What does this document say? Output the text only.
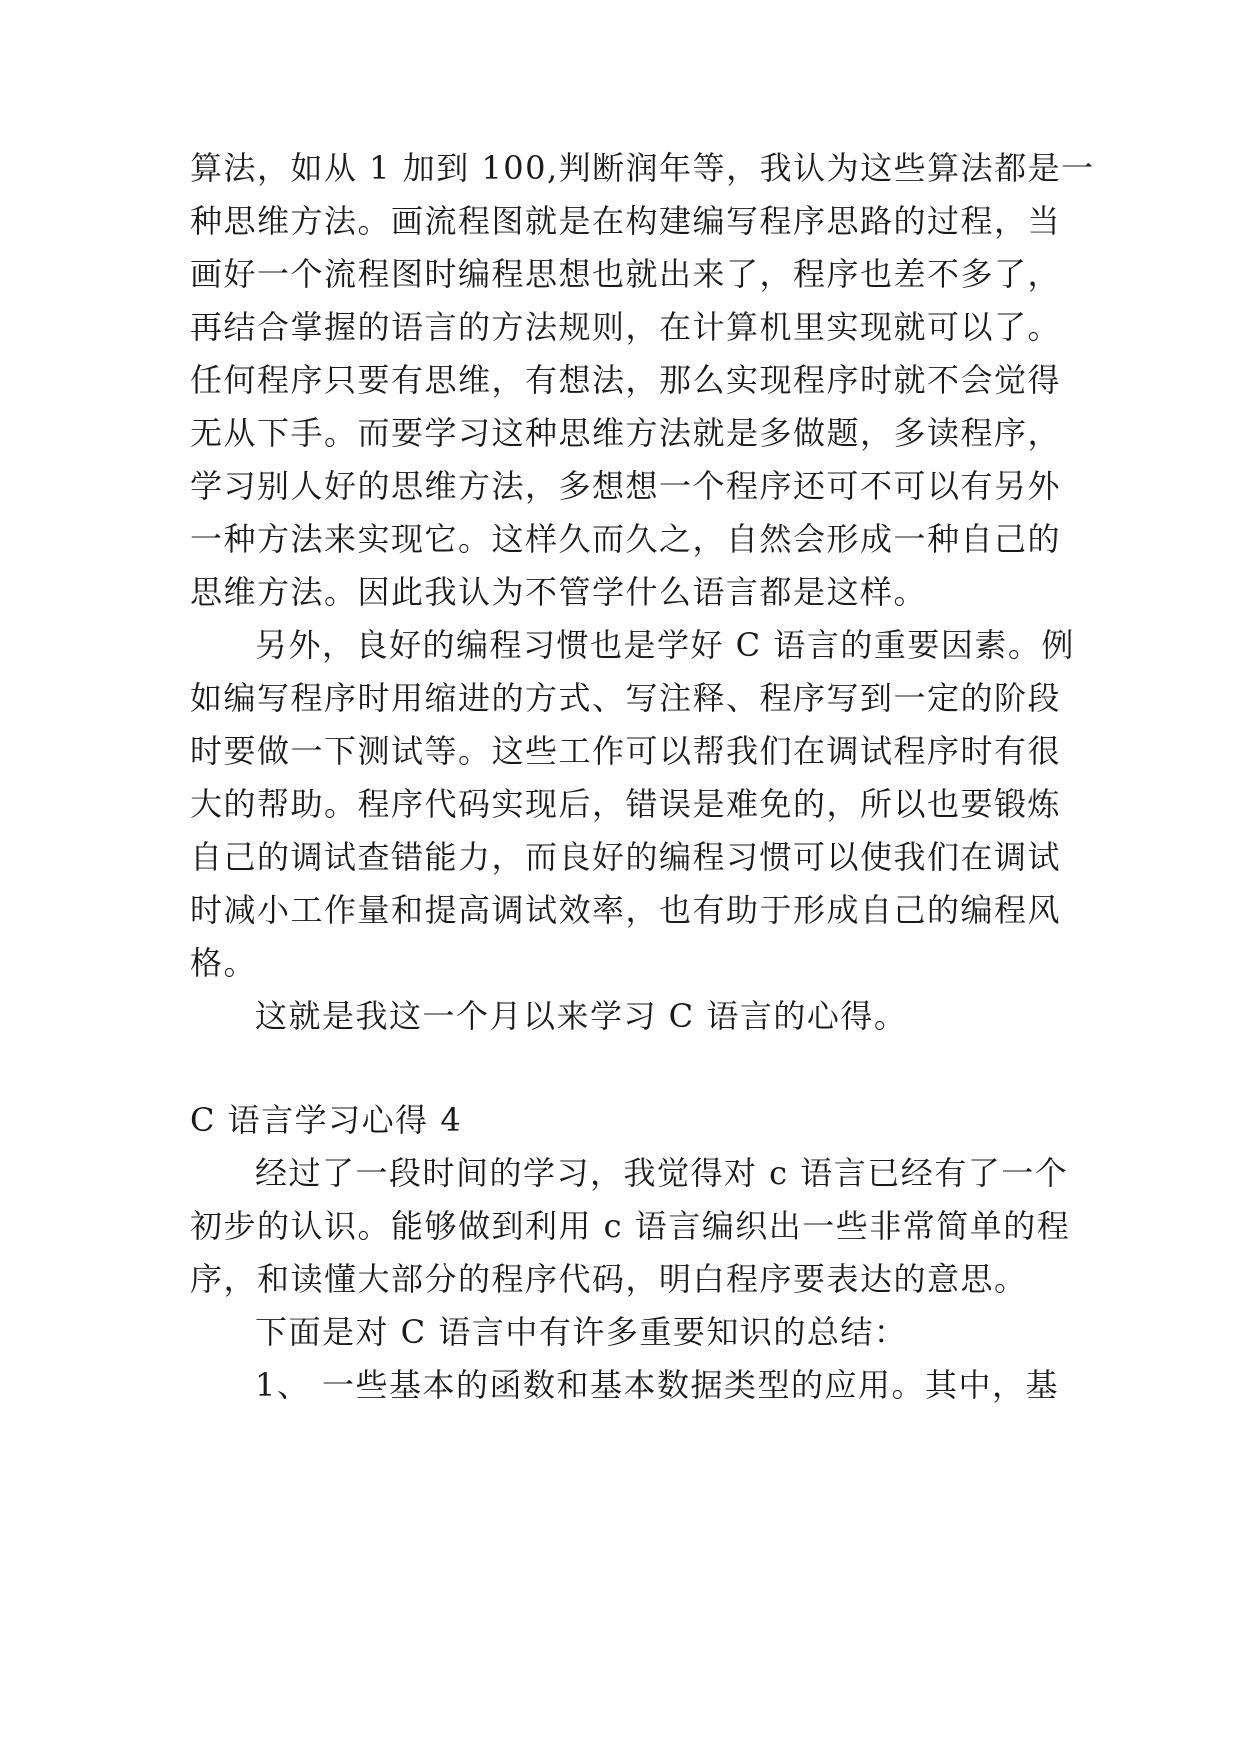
算法，如从 1 加到 100,判断润年等，我认为这些算法都是一
种思维方法。画流程图就是在构建编写程序思路的过程，当
画好一个流程图时编程思想也就出来了，程序也差不多了，
再结合掌握的语言的方法规则，在计算机里实现就可以了。
任何程序只要有思维，有想法，那么实现程序时就不会觉得
无从下手。而要学习这种思维方法就是多做题，多读程序，
学习别人好的思维方法，多想想一个程序还可不可以有另外
一种方法来实现它。这样久而久之，自然会形成一种自己的
思维方法。因此我认为不管学什么语言都是这样。
另外，良好的编程习惯也是学好 C 语言的重要因素。例
如编写程序时用缩进的方式、写注释、程序写到一定的阶段
时要做一下测试等。这些工作可以帮我们在调试程序时有很
大的帮助。程序代码实现后，错误是难免的，所以也要锻炼
自己的调试查错能力，而良好的编程习惯可以使我们在调试
时减小工作量和提高调试效率，也有助于形成自己的编程风
格。
这就是我这一个月以来学习 C 语言的心得。
C 语言学习心得 4
经过了一段时间的学习，我觉得对 c 语言已经有了一个
初步的认识。能够做到利用 c 语言编织出一些非常简单的程
序，和读懂大部分的程序代码，明白程序要表达的意思。
下面是对 C 语言中有许多重要知识的总结：
1、 一些基本的函数和基本数据类型的应用。其中，基
